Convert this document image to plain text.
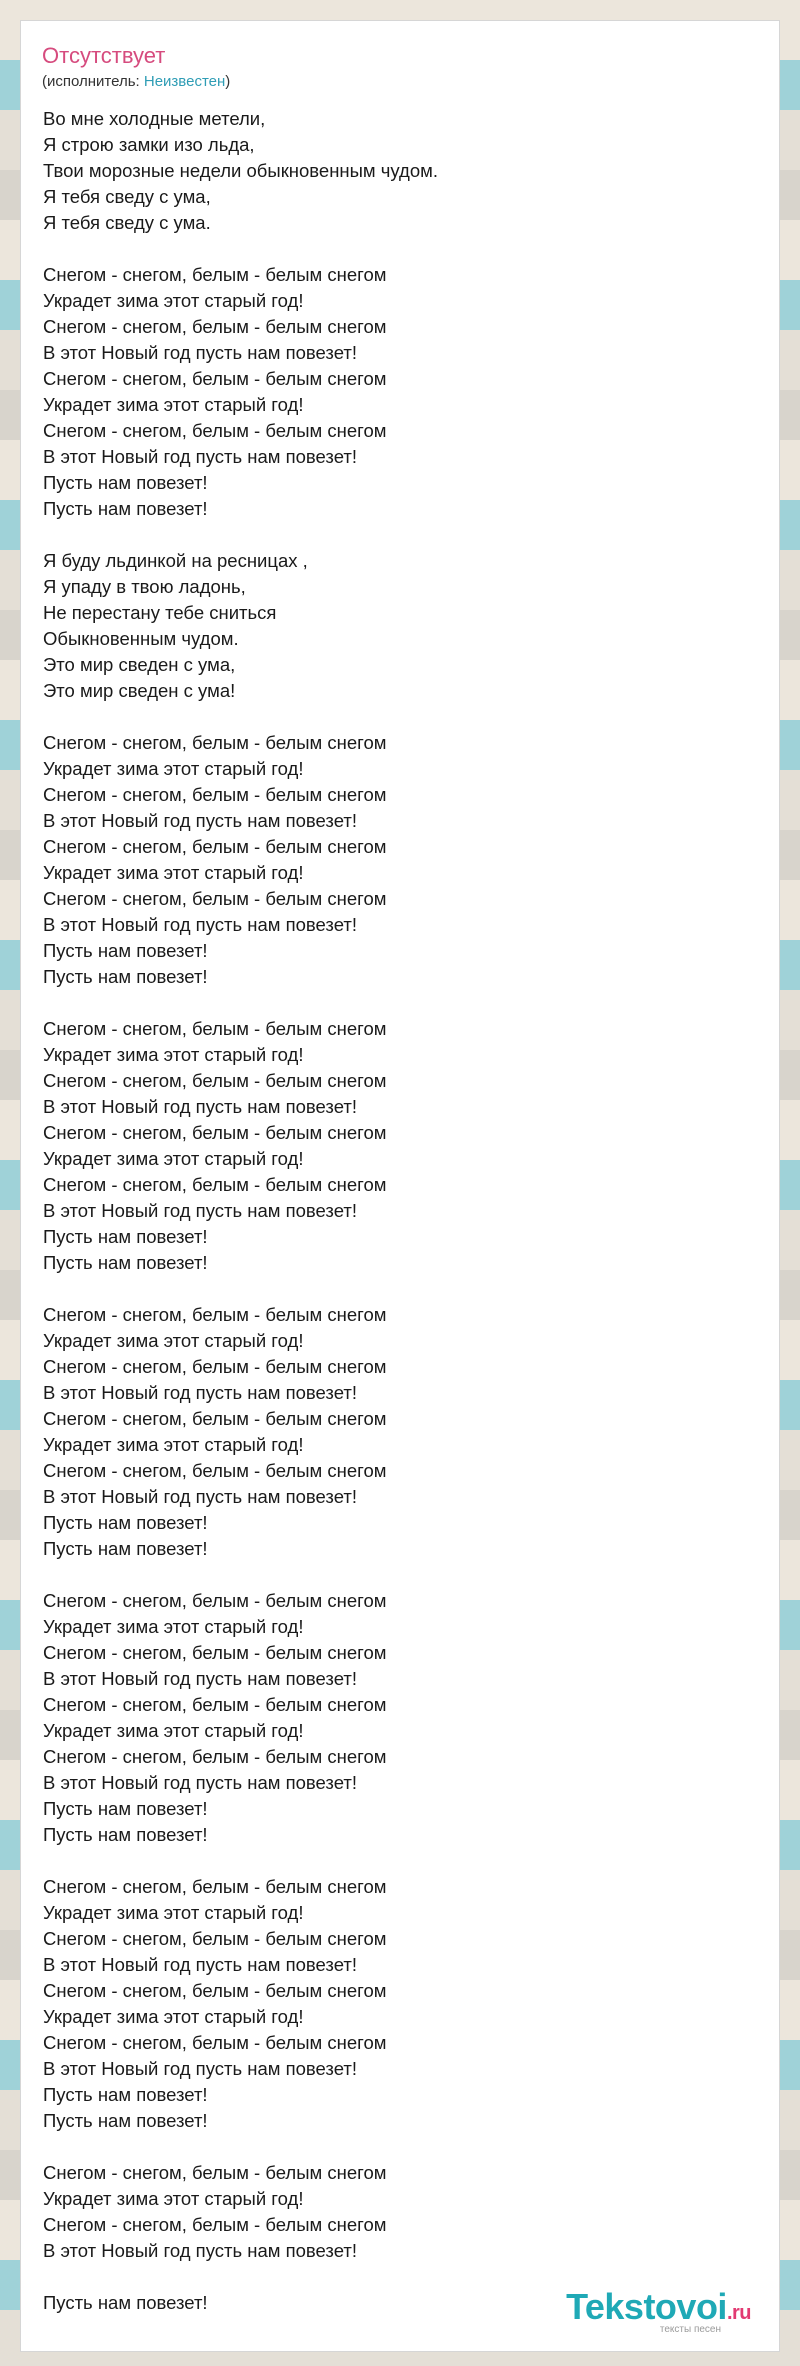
Отсутствует
(исполнитель: Неизвестен)
Во мне холодные метели,
Я строю замки изо льда,
Твои морозные недели обыкновенным чудом.
Я тебя сведу с ума,
Я тебя сведу с ума.
Снегом - снегом, белым - белым снегом
Украдет зима этот старый год!
Снегом - снегом, белым - белым снегом
В этот Новый год пусть нам повезет!
Снегом - снегом, белым - белым снегом
Украдет зима этот старый год!
Снегом - снегом, белым - белым снегом
В этот Новый год пусть нам повезет!
Пусть нам повезет!
Пусть нам повезет!
Я буду льдинкой на ресницах ,
Я упаду в твою ладонь,
Не перестану тебе сниться
Обыкновенным чудом.
Это мир сведен с ума,
Это мир сведен с ума!
Снегом - снегом, белым - белым снегом
Украдет зима этот старый год!
Снегом - снегом, белым - белым снегом
В этот Новый год пусть нам повезет!
Снегом - снегом, белым - белым снегом
Украдет зима этот старый год!
Снегом - снегом, белым - белым снегом
В этот Новый год пусть нам повезет!
Пусть нам повезет!
Пусть нам повезет!
Снегом - снегом, белым - белым снегом
Украдет зима этот старый год!
Снегом - снегом, белым - белым снегом
В этот Новый год пусть нам повезет!
Снегом - снегом, белым - белым снегом
Украдет зима этот старый год!
Снегом - снегом, белым - белым снегом
В этот Новый год пусть нам повезет!
Пусть нам повезет!
Пусть нам повезет!
Снегом - снегом, белым - белым снегом
Украдет зима этот старый год!
Снегом - снегом, белым - белым снегом
В этот Новый год пусть нам повезет!
Снегом - снегом, белым - белым снегом
Украдет зима этот старый год!
Снегом - снегом, белым - белым снегом
В этот Новый год пусть нам повезет!
Пусть нам повезет!
Пусть нам повезет!
Снегом - снегом, белым - белым снегом
Украдет зима этот старый год!
Снегом - снегом, белым - белым снегом
В этот Новый год пусть нам повезет!
Снегом - снегом, белым - белым снегом
Украдет зима этот старый год!
Снегом - снегом, белым - белым снегом
В этот Новый год пусть нам повезет!
Пусть нам повезет!
Пусть нам повезет!
Снегом - снегом, белым - белым снегом
Украдет зима этот старый год!
Снегом - снегом, белым - белым снегом
В этот Новый год пусть нам повезет!
Снегом - снегом, белым - белым снегом
Украдет зима этот старый год!
Снегом - снегом, белым - белым снегом
В этот Новый год пусть нам повезет!
Пусть нам повезет!
Пусть нам повезет!
Снегом - снегом, белым - белым снегом
Украдет зима этот старый год!
Снегом - снегом, белым - белым снегом
В этот Новый год пусть нам повезет!
Пусть нам повезет!	Tekstovoi.ru
тексты песен
